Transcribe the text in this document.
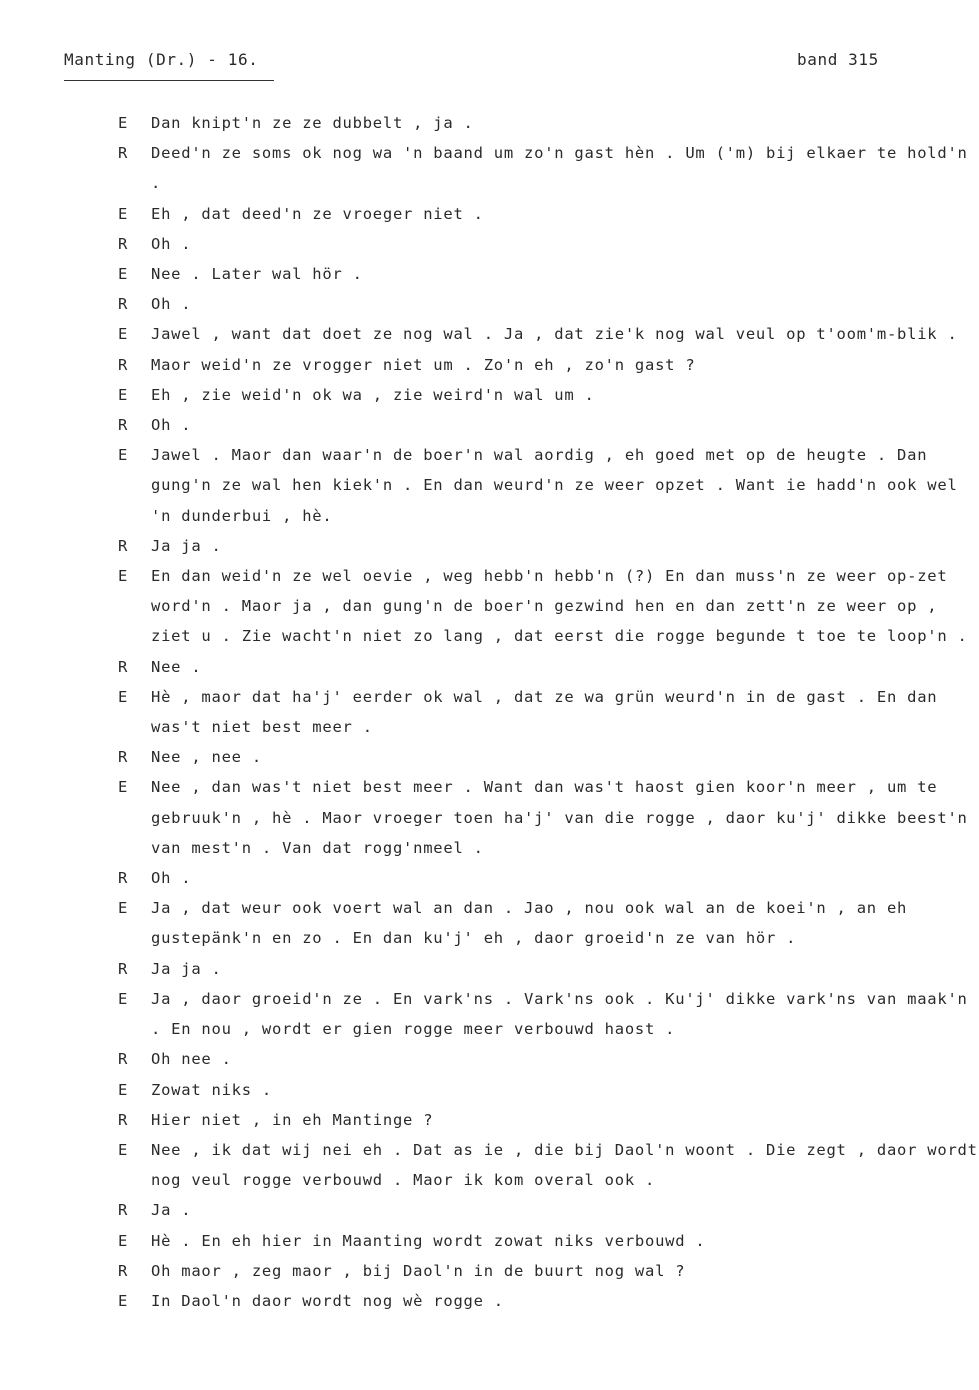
Manting (Dr.) - 16.	band 315
E	Dan knipt'n ze ze dubbelt , ja .
R	Deed'n ze soms ok nog wa 'n baand um zo'n gast hèn . Um ('m) bij elkaer te hold'n .
E	Eh , dat deed'n ze vroeger niet .
R	Oh .
E	Nee . Later wal hör .
R	Oh .
E	Jawel , want dat doet ze nog wal . Ja , dat zie'k nog wal veul op t'oom'm-blik .
R	Maor weid'n ze vrogger niet um . Zo'n eh , zo'n gast ?
E	Eh , zie weid'n ok wa , zie weird'n wal um .
R	Oh .
E	Jawel . Maor dan waar'n de boer'n wal aordig , eh goed met op de heugte . Dan gung'n ze wal hen kiek'n . En dan weurd'n ze weer opzet . Want ie hadd'n ook wel 'n dunderbui , hè.
R	Ja ja .
E	En dan weid'n ze wel oevie , weg hebb'n hebb'n (?) En dan muss'n ze weer op-zet word'n . Maor ja , dan gung'n de boer'n gezwind hen en dan zett'n ze weer op , ziet u . Zie wacht'n niet zo lang , dat eerst die rogge begunde t toe te loop'n .
R	Nee .
E	Hè , maor dat ha'j' eerder ok wal , dat ze wa grün weurd'n in de gast . En dan was't niet best meer .
R	Nee , nee .
E	Nee , dan was't niet best meer . Want dan was't haost gien koor'n meer , um te gebruuk'n , hè . Maor vroeger toen ha'j' van die rogge , daor ku'j' dikke beest'n van mest'n . Van dat rogg'nmeel .
R	Oh .
E	Ja , dat weur ook voert wal an dan . Jao , nou ook wal an de koei'n , an eh gustepänk'n en zo . En dan ku'j' eh , daor groeid'n ze van hör .
R	Ja ja .
E	Ja , daor groeid'n ze . En vark'ns . Vark'ns ook . Ku'j' dikke vark'ns van maak'n . En nou , wordt er gien rogge meer verbouwd haost .
R	Oh nee .
E	Zowat niks .
R	Hier niet , in eh Mantinge ?
E	Nee , ik dat wij nei eh . Dat as ie , die bij Daol'n woont . Die zegt , daor wordt nog veul rogge verbouwd . Maor ik kom overal ook .
R	Ja .
E	Hè . En eh hier in Maanting wordt zowat niks verbouwd .
R	Oh maor , zeg maor , bij Daol'n in de buurt nog wal ?
E	In Daol'n daor wordt nog wè rogge .
